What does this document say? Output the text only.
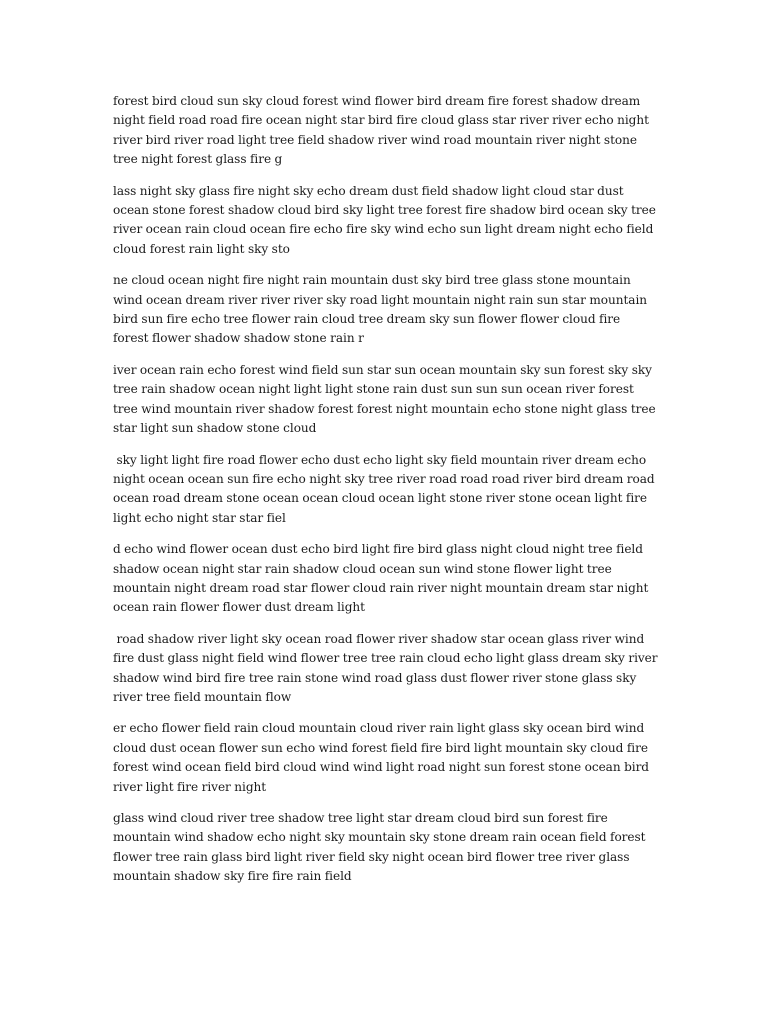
forest bird cloud sun sky cloud forest wind flower bird dream fire forest shadow dream night field road road fire ocean night star bird fire cloud glass star river river echo night river bird river road light tree field shadow river wind road mountain river night stone tree night forest glass fire g

lass night sky glass fire night sky echo dream dust field shadow light cloud star dust ocean stone forest shadow cloud bird sky light tree forest fire shadow bird ocean sky tree river ocean rain cloud ocean fire echo fire sky wind echo sun light dream night echo field cloud forest rain light sky sto

ne cloud ocean night fire night rain mountain dust sky bird tree glass stone mountain wind ocean dream river river river sky road light mountain night rain sun star mountain bird sun fire echo tree flower rain cloud tree dream sky sun flower flower cloud fire forest flower shadow shadow stone rain r

iver ocean rain echo forest wind field sun star sun ocean mountain sky sun forest sky sky tree rain shadow ocean night light light stone rain dust sun sun sun ocean river forest tree wind mountain river shadow forest forest night mountain echo stone night glass tree star light sun shadow stone cloud

sky light light fire road flower echo dust echo light sky field mountain river dream echo night ocean ocean sun fire echo night sky tree river road road road river bird dream road ocean road dream stone ocean ocean cloud ocean light stone river stone ocean light fire light echo night star star fiel

d echo wind flower ocean dust echo bird light fire bird glass night cloud night tree field shadow ocean night star rain shadow cloud ocean sun wind stone flower light tree mountain night dream road star flower cloud rain river night mountain dream star night ocean rain flower flower dust dream light

road shadow river light sky ocean road flower river shadow star ocean glass river wind fire dust glass night field wind flower tree tree rain cloud echo light glass dream sky river shadow wind bird fire tree rain stone wind road glass dust flower river stone glass sky river tree field mountain flow

er echo flower field rain cloud mountain cloud river rain light glass sky ocean bird wind cloud dust ocean flower sun echo wind forest field fire bird light mountain sky cloud fire forest wind ocean field bird cloud wind wind light road night sun forest stone ocean bird river light fire river night

glass wind cloud river tree shadow tree light star dream cloud bird sun forest fire mountain wind shadow echo night sky mountain sky stone dream rain ocean field forest flower tree rain glass bird light river field sky night ocean bird flower tree river glass mountain shadow sky fire fire rain field
